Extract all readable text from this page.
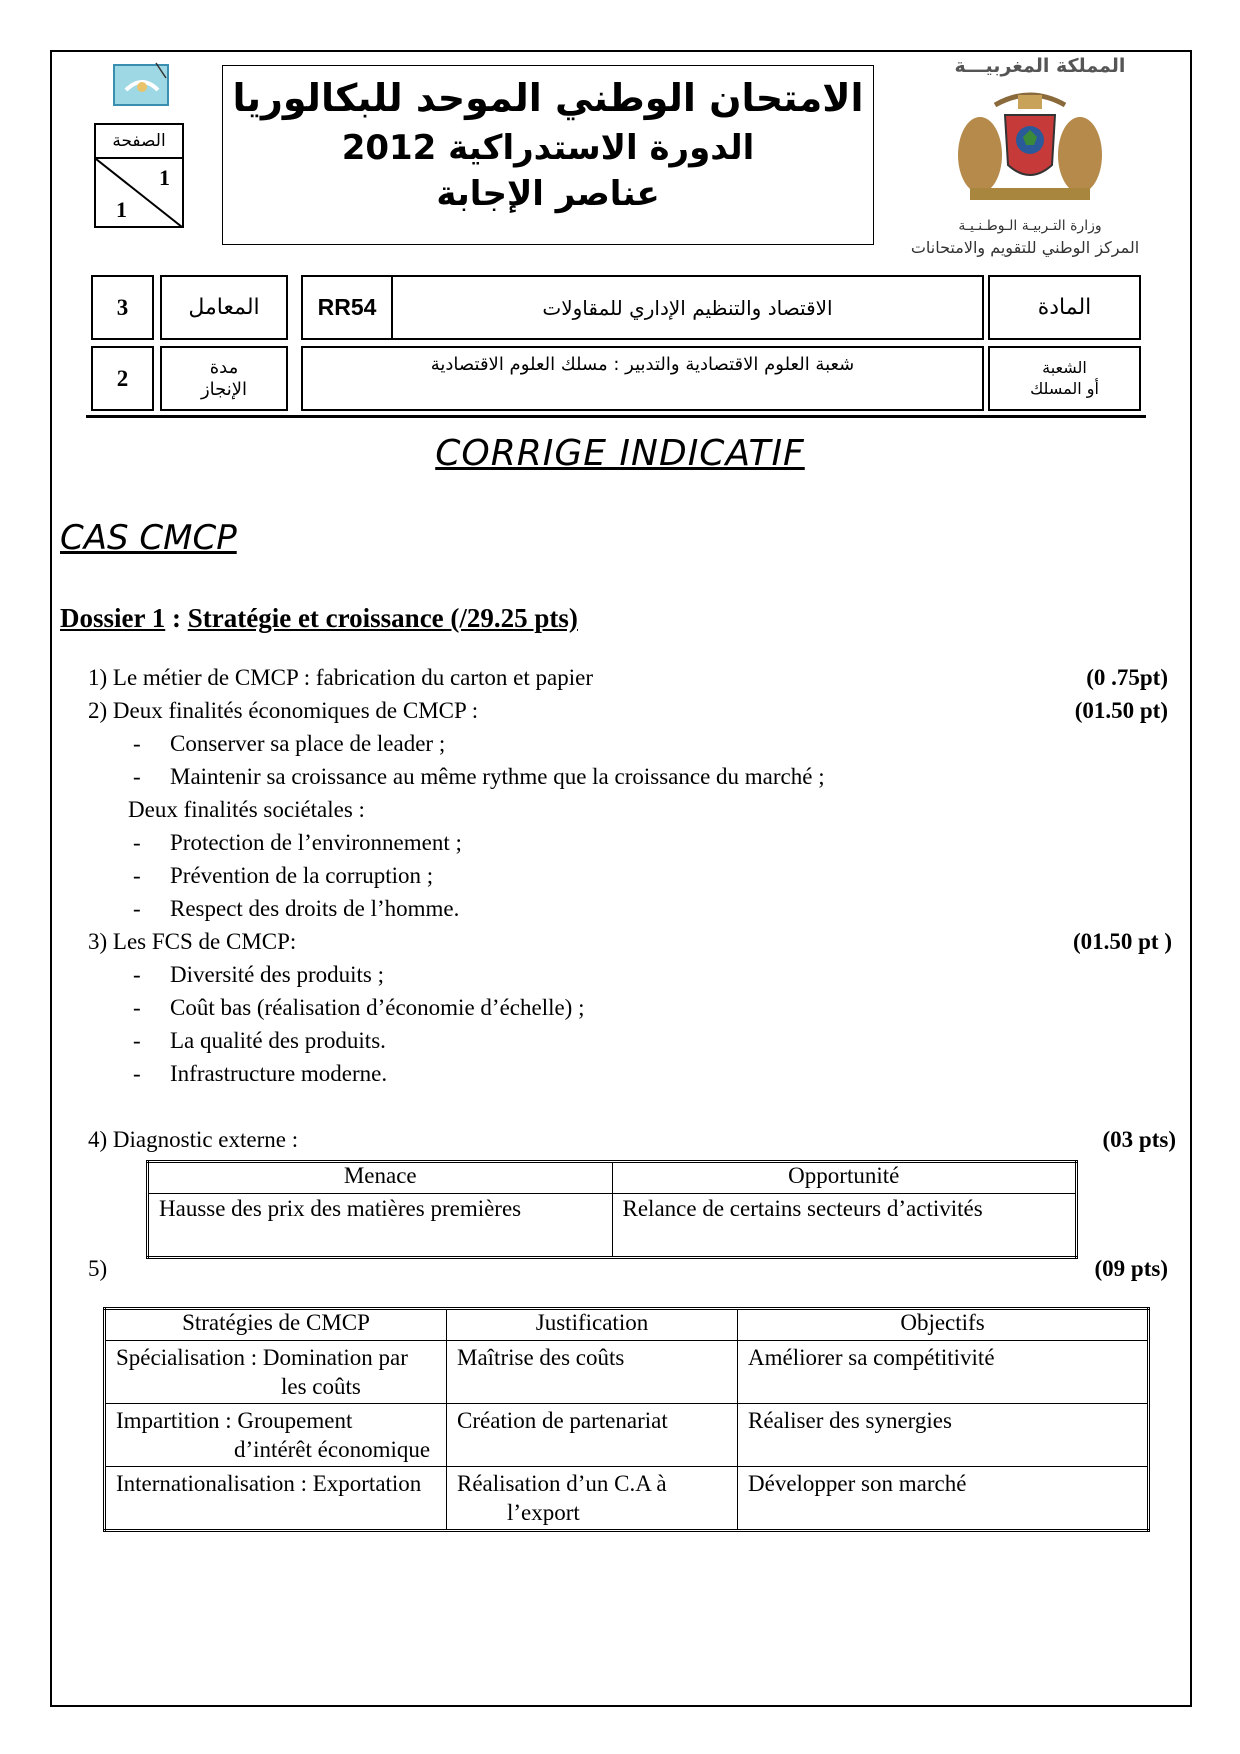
الصفحة
1
1
الامتحان الوطني الموحد للبكالوريا
الدورة الاستدراكية 2012
عناصر الإجابة
المملكة المغربيـــة
وزارة التـربيـة الـوطـنـيـة
المركز الوطني للتقويم والامتحانات
3	المعامل	RR54	الاقتصاد والتنظيم الإداري للمقاولات	المادة
2	مدة
الإنجاز
شعبة العلوم الاقتصادية والتدبير : مسلك العلوم الاقتصادية	الشعبة
أو المسلك
CORRIGE INDICATIF
CAS CMCP
Dossier 1 : Stratégie et croissance (/29.25 pts)
1) Le métier de CMCP : fabrication du carton et papier	(0 .75pt)
2) Deux finalités économiques de CMCP :	(01.50 pt)
- Conserver sa place de leader ;
- Maintenir sa croissance au même rythme que la croissance du marché ;
Deux finalités sociétales :
- Protection de l’environnement ;
- Prévention de la corruption ;
- Respect des droits de l’homme.
3) Les FCS de CMCP:	(01.50 pt )
- Diversité des produits ;
- Coût bas (réalisation d’économie d’échelle) ;
- La qualité des produits.
- Infrastructure moderne.
4) Diagnostic externe :	(03 pts)
Menace	Opportunité
Hausse des prix des matières premières	Relance de certains secteurs d’activités
5)	(09 pts)
Stratégies de CMCP	Justification	Objectifs

Spécialisation : Domination par
les coûts	Maîtrise des coûts	Améliorer sa compétitivité

Impartition : Groupement
d’intérêt économique	Création de partenariat	Réaliser des synergies

Internationalisation : Exportation	Réalisation d’un C.A à
l’export	Développer son marché
